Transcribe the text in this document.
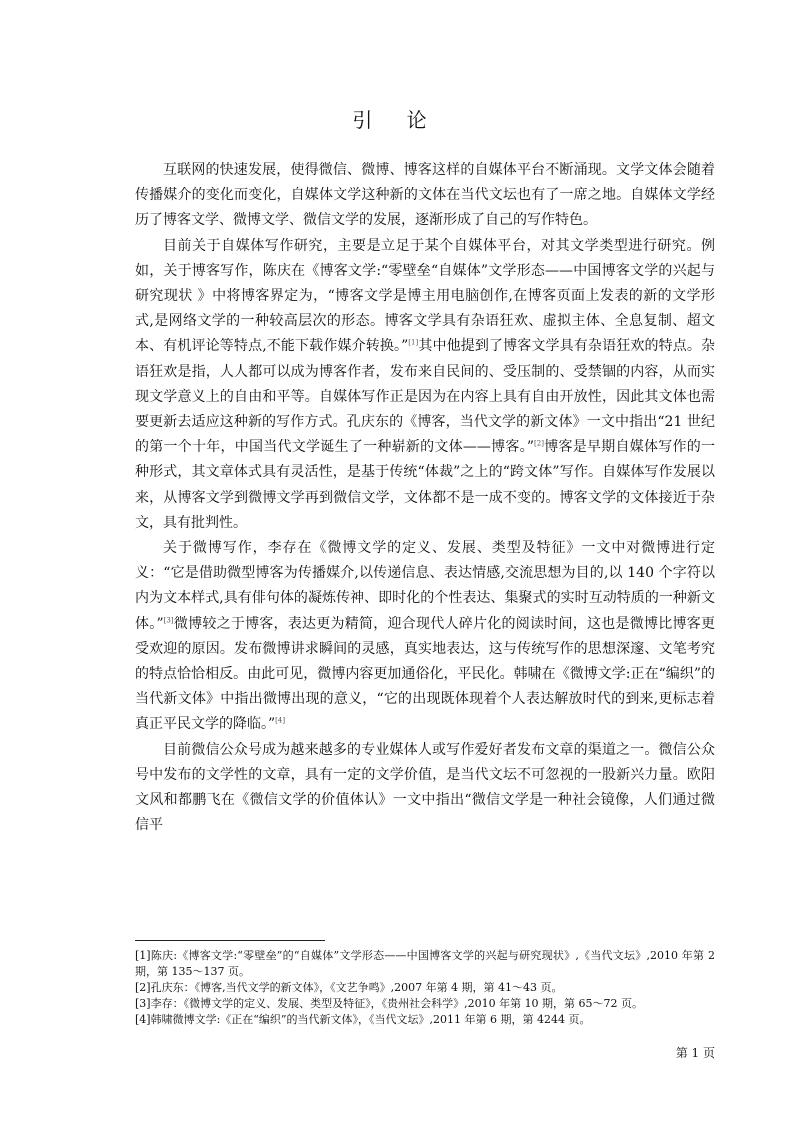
引 论

互联网的快速发展，使得微信、微博、博客这样的自媒体平台不断涌现。文学文体会随着传播媒介的变化而变化，自媒体文学这种新的文体在当代文坛也有了一席之地。自媒体文学经历了博客文学、微博文学、微信文学的发展，逐渐形成了自己的写作特色。

目前关于自媒体写作研究，主要是立足于某个自媒体平台，对其文学类型进行研究。例如，关于博客写作，陈庆在《博客文学:“零壁垒“自媒体”文学形态——中国博客文学的兴起与研究现状 》中将博客界定为，“博客文学是博主用电脑创作,在博客页面上发表的新的文学形式,是网络文学的一种较高层次的形态。博客文学具有杂语狂欢、虚拟主体、全息复制、超文本、有机评论等特点,不能下载作媒介转换。”[1]其中他提到了博客文学具有杂语狂欢的特点。杂语狂欢是指，人人都可以成为博客作者，发布来自民间的、受压制的、受禁锢的内容，从而实现文学意义上的自由和平等。自媒体写作正是因为在内容上具有自由开放性，因此其文体也需要更新去适应这种新的写作方式。孔庆东的《博客，当代文学的新文体》一文中指出“21 世纪的第一个十年，中国当代文学诞生了一种崭新的文体——博客。”[2]博客是早期自媒体写作的一种形式，其文章体式具有灵活性，是基于传统“体裁”之上的“跨文体”写作。自媒体写作发展以来，从博客文学到微博文学再到微信文学，文体都不是一成不变的。博客文学的文体接近于杂文，具有批判性。

关于微博写作，李存在《微博文学的定义、发展、类型及特征》一文中对微博进行定义：“它是借助微型博客为传播媒介,以传递信息、表达情感,交流思想为目的,以 140 个字符以内为文本样式,具有俳句体的凝炼传神、即时化的个性表达、集聚式的实时互动特质的一种新文体。”[3]微博较之于博客，表达更为精简，迎合现代人碎片化的阅读时间，这也是微博比博客更受欢迎的原因。发布微博讲求瞬间的灵感，真实地表达，这与传统写作的思想深邃、文笔考究的特点恰恰相反。由此可见，微博内容更加通俗化，平民化。韩啸在《微博文学:正在“编织”的当代新文体》中指出微博出现的意义，“它的出现既体现着个人表达解放时代的到来,更标志着真正平民文学的降临。”[4]

目前微信公众号成为越来越多的专业媒体人或写作爱好者发布文章的渠道之一。微信公众号中发布的文学性的文章，具有一定的文学价值，是当代文坛不可忽视的一股新兴力量。欧阳文风和都鹏飞在《微信文学的价值体认》一文中指出“微信文学是一种社会镜像，人们通过微信平

[1]陈庆:《博客文学:“零壁垒”的“自媒体”文学形态——中国博客文学的兴起与研究现状》,《当代文坛》,2010 年第 2 期，第 135～137 页。

[2]孔庆东：《博客,当代文学的新文体》，《文艺争鸣》,2007 年第 4 期，第 41～43 页。

[3]李存：《微博文学的定义、发展、类型及特征》，《贵州社会科学》,2010 年第 10 期，第 65～72 页。

[4]韩啸微博文学:《正在“编织”的当代新文体》，《当代文坛》,2011 年第 6 期，第 4244 页。

第 1 页
